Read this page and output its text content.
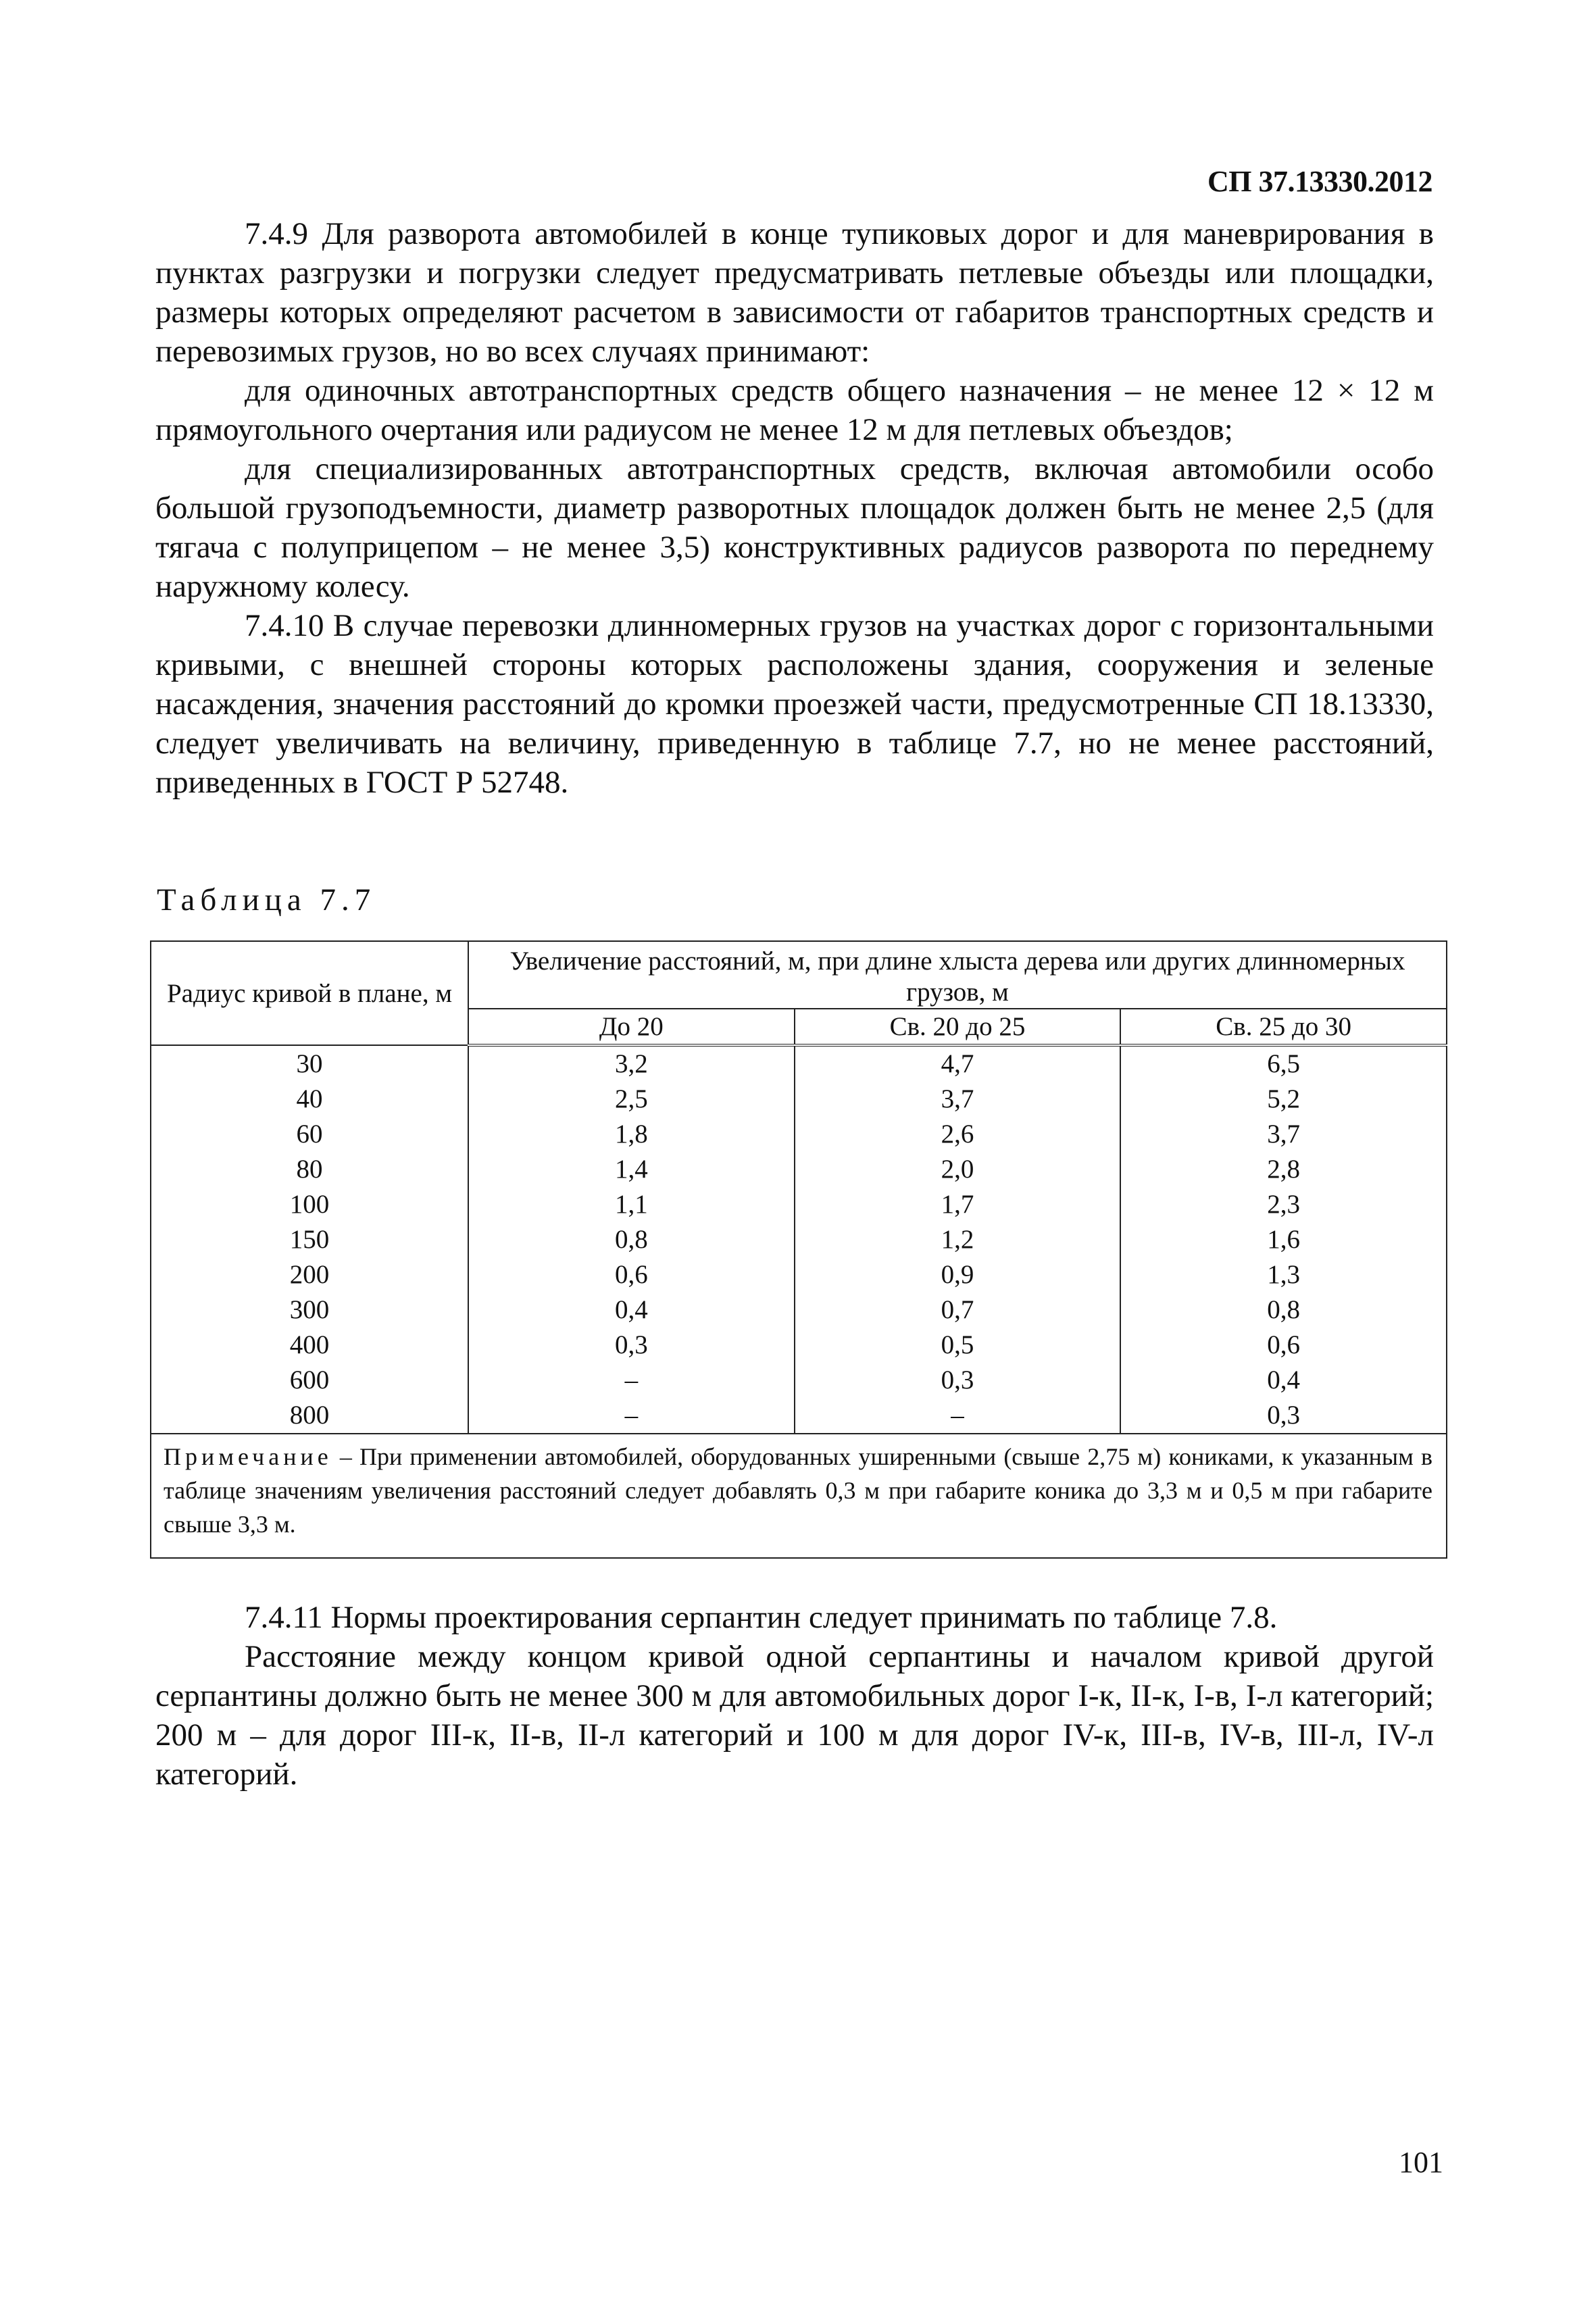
СП 37.13330.2012

7.4.9 Для разворота автомобилей в конце тупиковых дорог и для маневрирования в пунктах разгрузки и погрузки следует предусматривать петлевые объезды или площадки, размеры которых определяют расчетом в зависимости от габаритов транспортных средств и перевозимых грузов, но во всех случаях принимают:

для одиночных автотранспортных средств общего назначения – не менее 12 × 12 м прямоугольного очертания или радиусом не менее 12 м для петлевых объездов;

для специализированных автотранспортных средств, включая автомобили особо большой грузоподъемности, диаметр разворотных площадок должен быть не менее 2,5 (для тягача с полуприцепом – не менее 3,5) конструктивных радиусов разворота по переднему наружному колесу.

7.4.10 В случае перевозки длинномерных грузов на участках дорог с горизонтальными кривыми, с внешней стороны которых расположены здания, сооружения и зеленые насаждения, значения расстояний до кромки проезжей части, предусмотренные СП 18.13330, следует увеличивать на величину, приведенную в таблице 7.7, но не менее расстояний, приведенных в ГОСТ Р 52748.

Таблица 7.7
Радиус кривой в плане, м	Увеличение расстояний, м, при длине хлыста дерева или других длинномерных грузов, м		
	До 20	Св. 20 до 25	Св. 25 до 30
30	3,2	4,7	6,5
40	2,5	3,7	5,2
60	1,8	2,6	3,7
80	1,4	2,0	2,8
100	1,1	1,7	2,3
150	0,8	1,2	1,6
200	0,6	0,9	1,3
300	0,4	0,7	0,8
400	0,3	0,5	0,6
600	–	0,3	0,4
800	–	–	0,3
Примечание – При применении автомобилей, оборудованных уширенными (свыше 2,75 м) кониками, к указанным в таблице значениям увеличения расстояний следует добавлять 0,3 м при габарите коника до 3,3 м и 0,5 м при габарите свыше 3,3 м.			

7.4.11 Нормы проектирования серпантин следует принимать по таблице 7.8.

Расстояние между концом кривой одной серпантины и началом кривой другой серпантины должно быть не менее 300 м для автомобильных дорог I-к, II-к, I-в, I-л категорий; 200 м – для дорог III-к, II-в, II-л категорий и 100 м для дорог IV-к, III-в, IV-в, III-л, IV-л категорий.

101
